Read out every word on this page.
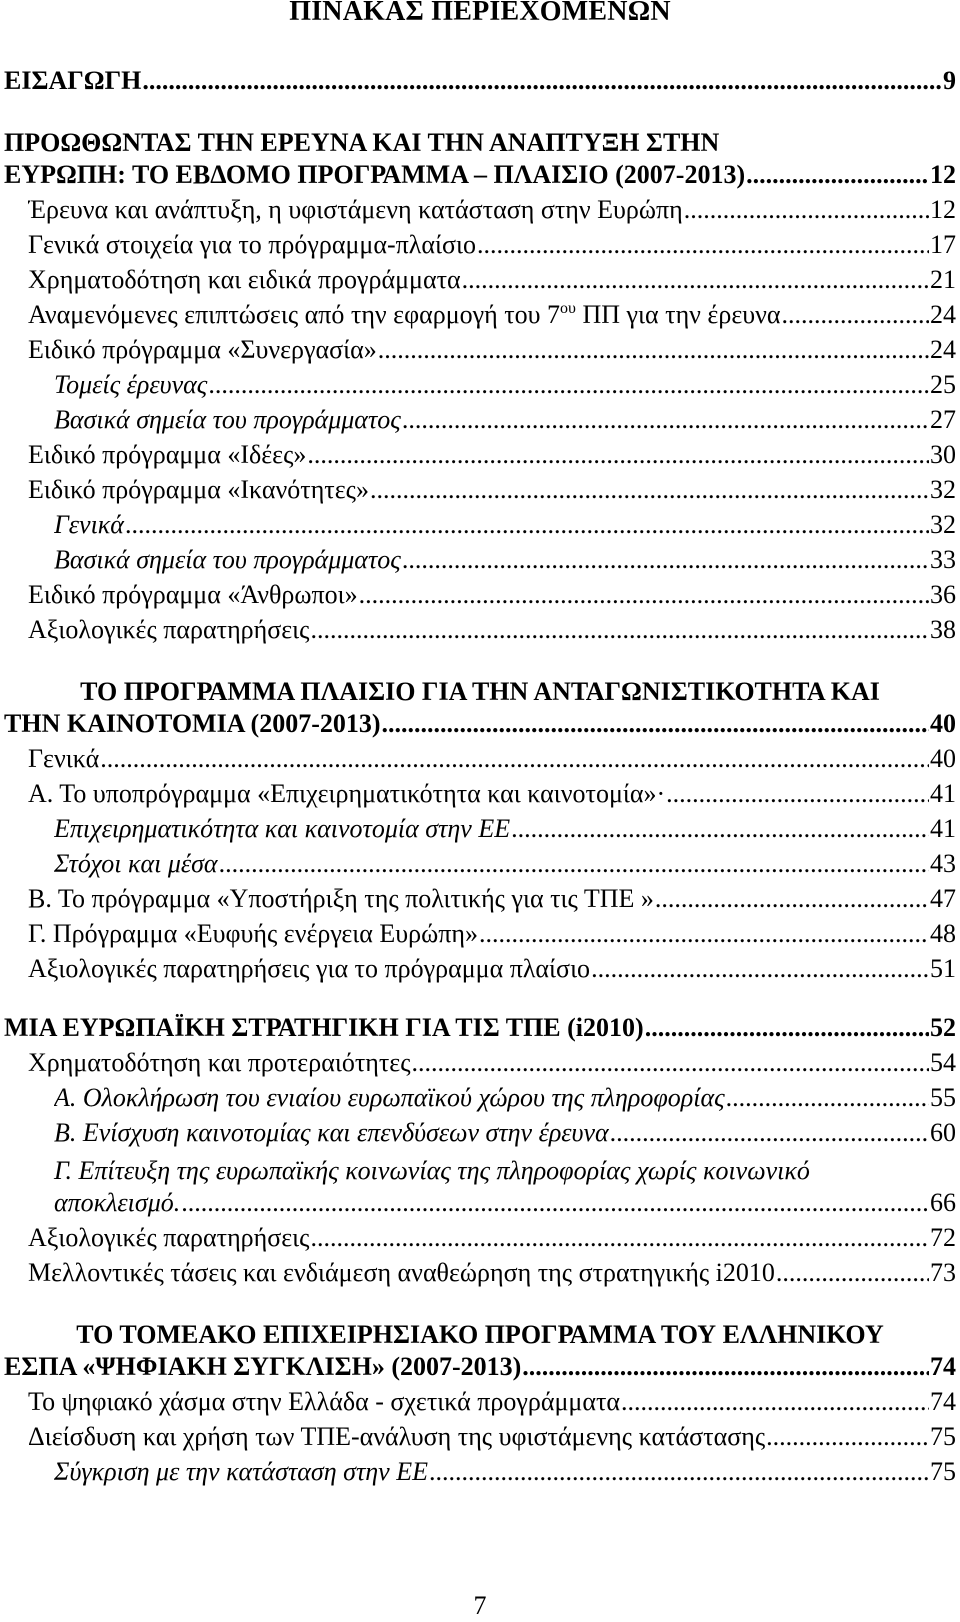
ΠΙΝΑΚΑΣ ΠΕΡΙΕΧΟΜΕΝΩΝ
ΕΙΣΑΓΩΓΗ .....	9
ΠΡΟΩΘΩΝΤΑΣ ΤΗΝ ΕΡΕΥΝΑ ΚΑΙ ΤΗΝ ΑΝΑΠΤΥΞΗ ΣΤΗΝ
ΕΥΡΩΠΗ: ΤΟ ΕΒΔΟΜΟ ΠΡΟΓΡΑΜΜΑ – ΠΛΑΙΣΙΟ (2007-2013) .....	12
Έρευνα και ανάπτυξη, η υφιστάμενη κατάσταση στην Ευρώπη .....	12
Γενικά στοιχεία για το πρόγραμμα-πλαίσιο .....	17
Χρηματοδότηση και ειδικά προγράμματα .....	21
Αναμενόμενες επιπτώσεις από την εφαρμογή του $7^{o\upsilon}$ ΠΠ για την έρευνα .....	24
Ειδικό πρόγραμμα «Συνεργασία» .....	24
Τομείς έρευνας .....	25
Βασικά σημεία του προγράμματος .....	27
Ειδικό πρόγραμμα «Ιδέες» .....	30
Ειδικό πρόγραμμα «Ικανότητες» .....	32
Γενικά .....	32
Βασικά σημεία του προγράμματος .....	33
Ειδικό πρόγραμμα «Άνθρωποι» .....	36
Αξιολογικές παρατηρήσεις .....	38
ΤΟ ΠΡΟΓΡΑΜΜΑ ΠΛΑΙΣΙΟ ΓΙΑ ΤΗΝ ΑΝΤΑΓΩΝΙΣΤΙΚΟΤΗΤΑ ΚΑΙ
ΤΗΝ ΚΑΙΝΟΤΟΜΙΑ (2007-2013) .....	40
Γενικά .....	40
Α. Το υποπρόγραμμα «Επιχειρηματικότητα και καινοτομία»· .....	41
Επιχειρηματικότητα και καινοτομία στην ΕΕ .....	41
Στόχοι και μέσα .....	43
Β. Το πρόγραμμα «Υποστήριξη της πολιτικής για τις ΤΠΕ » .....	47
Γ. Πρόγραμμα «Ευφυής ενέργεια Ευρώπη» .....	48
Αξιολογικές παρατηρήσεις για το πρόγραμμα πλαίσιο .....	51
ΜΙΑ ΕΥΡΩΠΑΪΚΗ ΣΤΡΑΤΗΓΙΚΗ ΓΙΑ ΤΙΣ ΤΠΕ (i2010) .....	52
Χρηματοδότηση και προτεραιότητες .....	54
Α. Ολοκλήρωση του ενιαίου ευρωπαϊκού χώρου της πληροφορίας .....	55
Β. Ενίσχυση καινοτομίας και επενδύσεων στην έρευνα .....	60
Γ. Επίτευξη της ευρωπαϊκής κοινωνίας της πληροφορίας χωρίς κοινωνικό
αποκλεισμό. .....	66
Αξιολογικές παρατηρήσεις .....	72
Μελλοντικές τάσεις και ενδιάμεση αναθεώρηση της στρατηγικής i2010 .....	73
ΤΟ ΤΟΜΕΑΚΟ ΕΠΙΧΕΙΡΗΣΙΑΚΟ ΠΡΟΓΡΑΜΜΑ ΤΟΥ ΕΛΛΗΝΙΚΟΥ
ΕΣΠΑ «ΨΗΦΙΑΚΗ ΣΥΓΚΛΙΣΗ» (2007-2013) .....	74
Το ψηφιακό χάσμα στην Ελλάδα - σχετικά προγράμματα .....	74
Διείσδυση και χρήση των ΤΠΕ-ανάλυση της υφιστάμενης κατάστασης .....	75
Σύγκριση με την κατάσταση στην ΕΕ .....	75
7
